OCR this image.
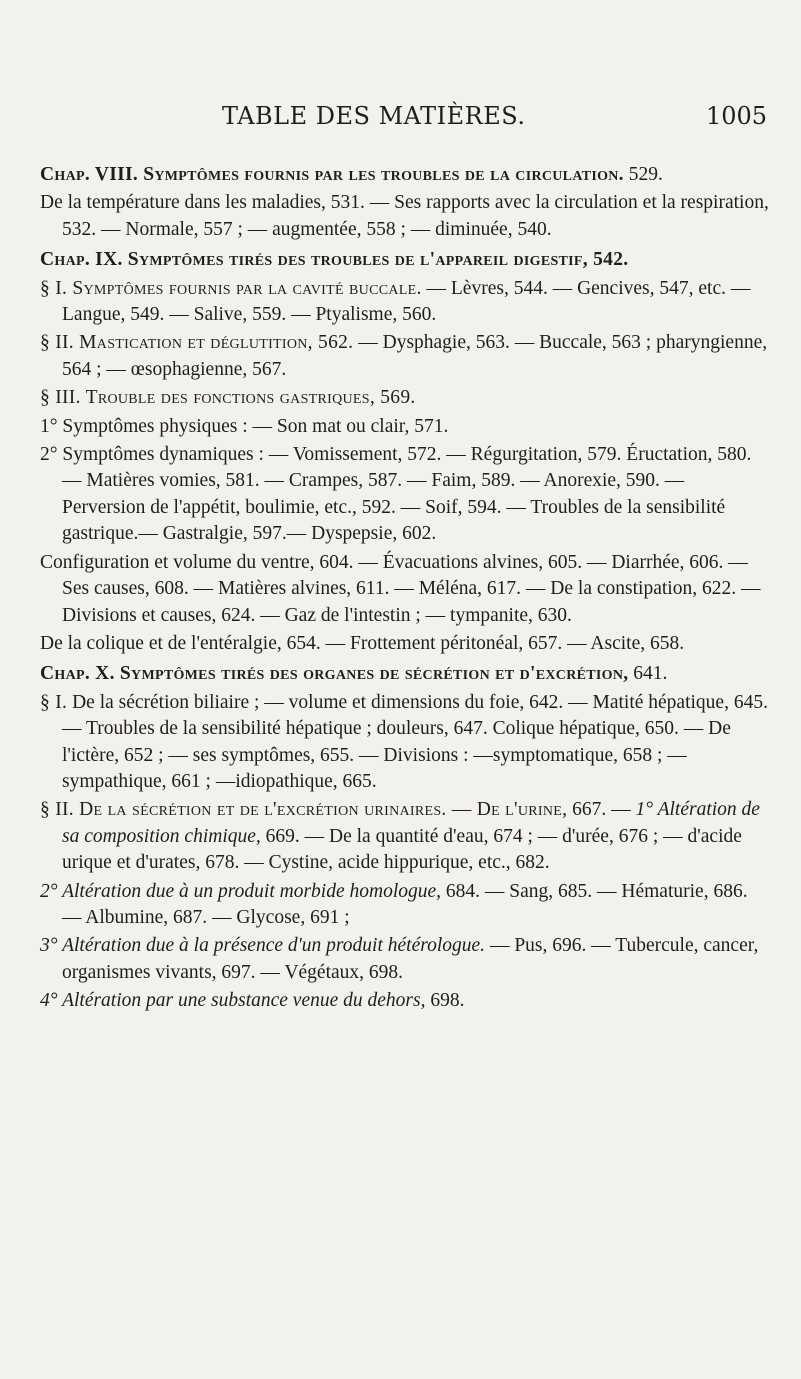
TABLE DES MATIÈRES.	1005

Chap. VIII. Symptômes fournis par les troubles de la circulation. 529.

De la température dans les maladies, 531. — Ses rapports avec la circulation et la respiration, 532. — Normale, 557 ; — augmentée, 558 ; — diminuée, 540.

Chap. IX. Symptômes tirés des troubles de l'appareil digestif, 542.

§ I. Symptômes fournis par la cavité buccale. — Lèvres, 544. — Gencives, 547, etc. — Langue, 549. — Salive, 559. — Ptyalisme, 560.

§ II. Mastication et déglutition, 562. — Dysphagie, 563. — Buccale, 563 ; pharyngienne, 564 ; — œsophagienne, 567.

§ III. Trouble des fonctions gastriques, 569.

1° Symptômes physiques : — Son mat ou clair, 571.

2° Symptômes dynamiques : — Vomissement, 572. — Régurgitation, 579. Éructation, 580. — Matières vomies, 581. — Crampes, 587. — Faim, 589. — Anorexie, 590. — Perversion de l'appétit, boulimie, etc., 592. — Soif, 594. — Troubles de la sensibilité gastrique.— Gastralgie, 597.— Dyspepsie, 602.

Configuration et volume du ventre, 604. — Évacuations alvines, 605. — Diarrhée, 606. — Ses causes, 608. — Matières alvines, 611. — Méléna, 617. — De la constipation, 622. — Divisions et causes, 624. — Gaz de l'intestin ; — tympanite, 630.

De la colique et de l'entéralgie, 654. — Frottement péritonéal, 657. — Ascite, 658.

Chap. X. Symptômes tirés des organes de sécrétion et d'excrétion, 641.

§ I. De la sécrétion biliaire ; — volume et dimensions du foie, 642. — Matité hépatique, 645. — Troubles de la sensibilité hépatique ; douleurs, 647. Colique hépatique, 650. — De l'ictère, 652 ; — ses symptômes, 655. — Divisions : —symptomatique, 658 ; —sympathique, 661 ; —idiopathique, 665.

§ II. De la sécrétion et de l'excrétion urinaires. — De l'urine, 667. — 1° Altération de sa composition chimique, 669. — De la quantité d'eau, 674 ; — d'urée, 676 ; — d'acide urique et d'urates, 678. — Cystine, acide hippurique, etc., 682.

2° Altération due à un produit morbide homologue, 684. — Sang, 685. — Hématurie, 686. — Albumine, 687. — Glycose, 691 ;

3° Altération due à la présence d'un produit hétérologue. — Pus, 696. — Tubercule, cancer, organismes vivants, 697. — Végétaux, 698.

4° Altération par une substance venue du dehors, 698.
